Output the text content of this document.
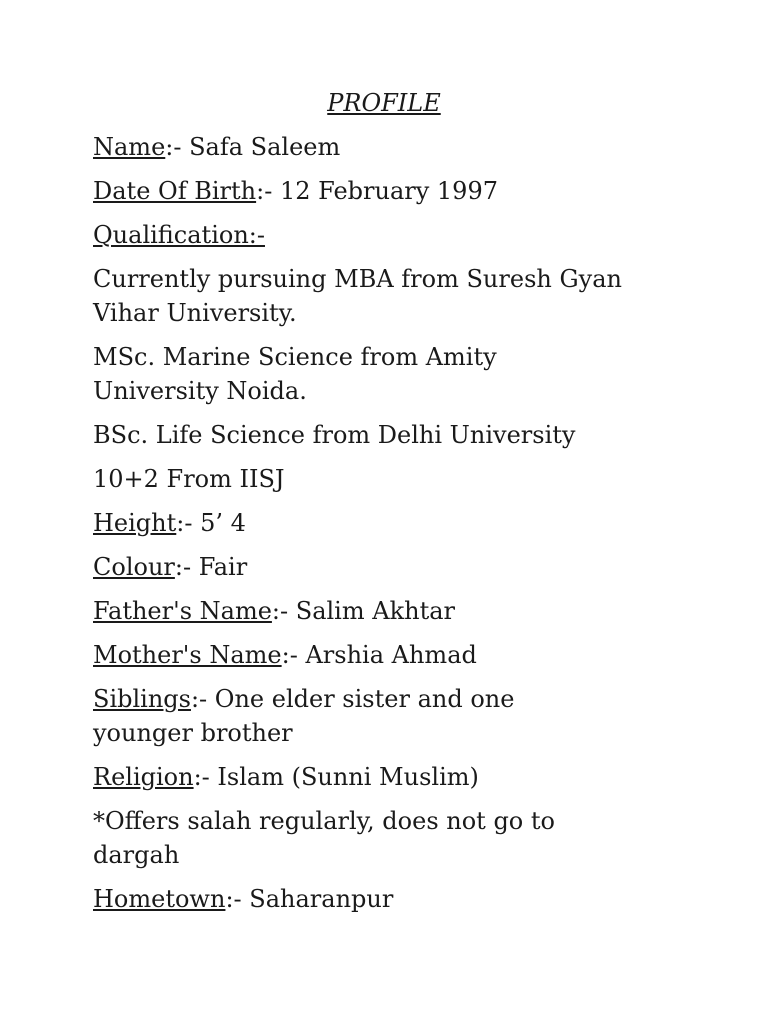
PROFILE

Name:- Safa Saleem

Date Of Birth:- 12 February 1997

Qualification:-

Currently pursuing MBA from Suresh Gyan Vihar University.

MSc. Marine Science from Amity University Noida.

BSc. Life Science from Delhi University

10+2 From IISJ

Height:- 5’ 4

Colour:- Fair

Father's Name:- Salim Akhtar

Mother's Name:- Arshia Ahmad

Siblings:- One elder sister and one younger brother

Religion:- Islam (Sunni Muslim)

*Offers salah regularly, does not go to dargah

Hometown:- Saharanpur
